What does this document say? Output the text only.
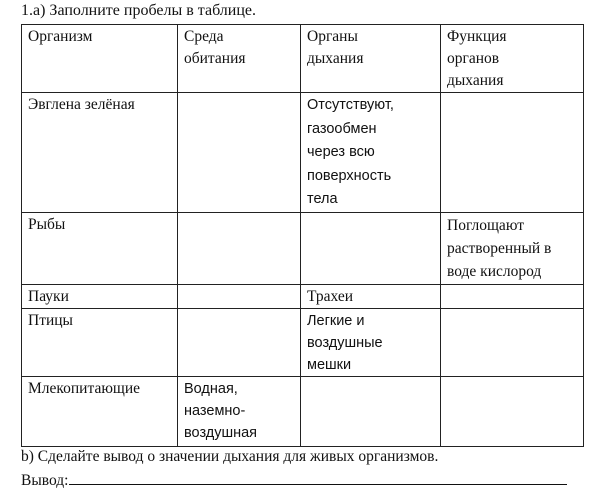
1.a) Заполните пробелы в таблице.
Организм	Среда обитания	Органы дыхания	Функция органов дыхания

Эвглена зелёная		Отсутствуют, газообмен через всю поверхность тела	

Рыбы			Поглощают растворенный в воде кислород

Пауки		Трахеи	

Птицы		Легкие и воздушные мешки	

Млекопитающие	Водная, наземно-воздушная		

b) Сделайте вывод о значении дыхания для живых организмов.
Вывод:
